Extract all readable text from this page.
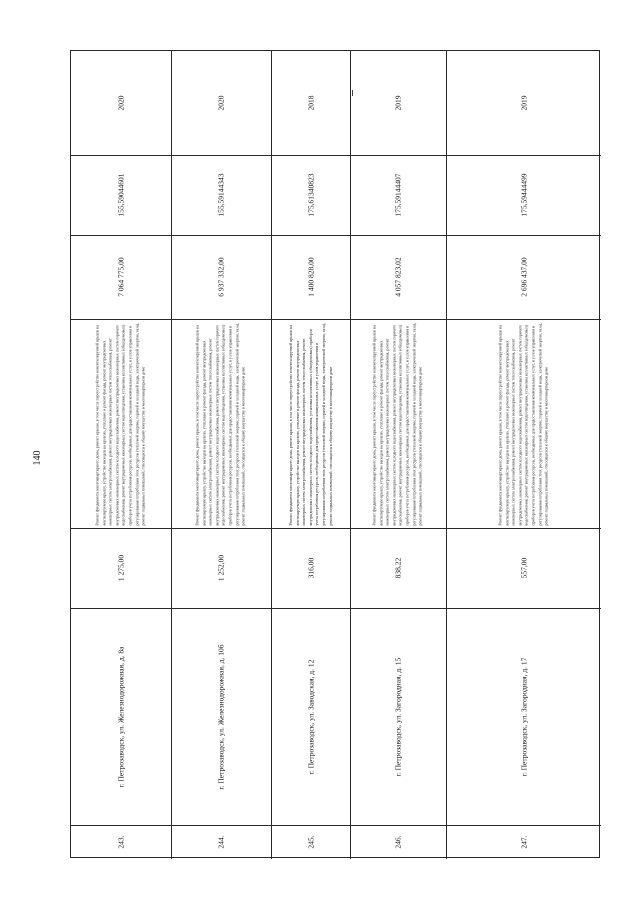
140
243.
г. Петрозаводск, ул. Железнодорожная, д. 8а
1 275,00
Ремонт фундамента многоквартирного дома, ремонт крыши, в том числе переустройство невентилируемой крыши на вентилируемую крышу, устройство выходов на кровлю, утепление и ремонт фасада, ремонт внутридомовых инженерных систем электроснабжения, ремонт внутридомовых инженерных систем теплоснабжения, ремонт внутридомовых инженерных систем холодного водоснабжения, ремонт внутридомовых инженерных систем горячего водоснабжения, ремонт внутридомовых инженерных систем водоотведения, установка коллективных (общедомовых) приборов учета потребления ресурсов, необходимых для предоставления коммунальных услуг, и узлов управления и регулирования потребления этих ресурсов (тепловой энергии, горячей и холодной воды, электрической энергии, газа), ремонт подвальных помещений, относящихся к общему имуществу в многоквартирном доме
7 064 775,00
155,59044601
2020
244.
г. Петрозаводск, ул. Железнодорожная, д. 10б
1 252,00
Ремонт фундамента многоквартирного дома, ремонт крыши, в том числе переустройство невентилируемой крыши на вентилируемую крышу, устройство выходов на кровлю, утепление и ремонт фасада, ремонт внутридомовых инженерных систем электроснабжения, ремонт внутридомовых инженерных систем теплоснабжения, ремонт внутридомовых инженерных систем холодного водоснабжения, ремонт внутридомовых инженерных систем горячего водоснабжения, ремонт внутридомовых инженерных систем водоотведения, установка коллективных (общедомовых) приборов учета потребления ресурсов, необходимых для предоставления коммунальных услуг, и узлов управления и регулирования потребления этих ресурсов (тепловой энергии, горячей и холодной воды, электрической энергии, газа), ремонт подвальных помещений, относящихся к общему имуществу в многоквартирном доме
6 937 332,00
155,59144343
2020
245.
г. Петрозаводск, ул. Заводская, д. 12
316,00
Ремонт фундамента многоквартирного дома, ремонт крыши, в том числе переустройство невентилируемой крыши на вентилируемую крышу, устройство выходов на кровлю, утепление и ремонт фасада, ремонт внутридомовых инженерных систем электроснабжения, ремонт внутридомовых инженерных систем теплоснабжения, ремонт внутридомовых инженерных систем холодного водоснабжения, установка коллективных (общедомовых) приборов учета потребления ресурсов, необходимых для предоставления коммунальных услуг, и узлов управления и регулирования потребления этих ресурсов (тепловой энергии, горячей и холодной воды, электрической энергии, газа), ремонт подвальных помещений, относящихся к общему имуществу в многоквартирном доме
1 400 828,00
175,61340823
2018
246.
г. Петрозаводск, ул. Загородная, д. 15
838,22
Ремонт фундамента многоквартирного дома, ремонт крыши, в том числе переустройство невентилируемой крыши на вентилируемую крышу, устройство выходов на кровлю, утепление и ремонт фасада, ремонт внутридомовых инженерных систем электроснабжения, ремонт внутридомовых инженерных систем теплоснабжения, ремонт внутридомовых инженерных систем холодного водоснабжения, ремонт внутридомовых инженерных систем горячего водоснабжения, ремонт внутридомовых инженерных систем водоотведения, установка коллективных (общедомовых) приборов учета потребления ресурсов, необходимых для предоставления коммунальных услуг, и узлов управления и регулирования потребления этих ресурсов (тепловой энергии, горячей и холодной воды, электрической энергии, газа), ремонт подвальных помещений, относящихся к общему имуществу в многоквартирном доме
4 057 823,02
175,59144407
2019
247.
г. Петрозаводск, ул. Загородная, д. 17
557,00
Ремонт фундамента многоквартирного дома, ремонт крыши, в том числе переустройство невентилируемой крыши на вентилируемую крышу, устройство выходов на кровлю, утепление и ремонт фасада, ремонт внутридомовых инженерных систем электроснабжения, ремонт внутридомовых инженерных систем теплоснабжения, ремонт внутридомовых инженерных систем холодного водоснабжения, ремонт внутридомовых инженерных систем горячего водоснабжения, ремонт внутридомовых инженерных систем водоотведения, установка коллективных (общедомовых) приборов учета потребления ресурсов, необходимых для предоставления коммунальных услуг, и узлов управления и регулирования потребления этих ресурсов (тепловой энергии, горячей и холодной воды, электрической энергии, газа), ремонт подвальных помещений, относящихся к общему имуществу в многоквартирном доме
2 696 437,00
175,59444499
2019
